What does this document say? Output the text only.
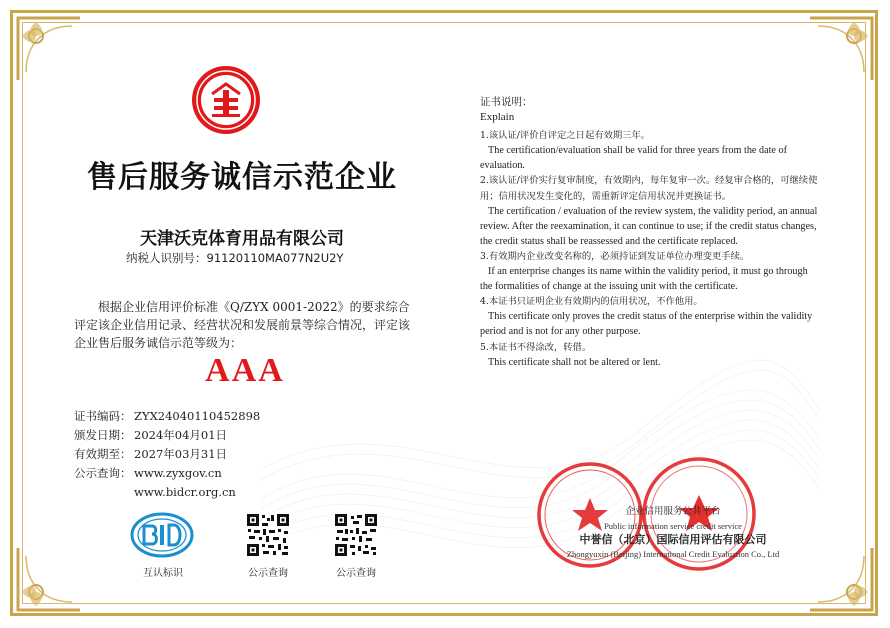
售后服务诚信示范企业
天津沃克体育用品有限公司
纳税人识别号：91120110MA077N2U2Y
根据企业信用评价标准《Q/ZYX 0001-2022》的要求综合评定该企业信用记录、经营状况和发展前景等综合情况，评定该企业售后服务诚信示范等级为：
AAA
证书编码： ZYX24040110452898
颁发日期： 2024年04月01日
有效期至： 2027年03月31日
公示查询： www.zyxgov.cn
www.bidcr.org.cn
互认标识	公示查询	公示查询
证书说明：
Explain
1.该认证/评价自评定之日起有效期三年。
The certification/evaluation shall be valid for three years from the date of evaluation.
2.该认证/评价实行复审制度，有效期内，每年复审一次。经复审合格的，可继续使用；信用状况发生变化的，需重新评定信用状况并更换证书。
The certification / evaluation of the review system, the validity period, an annual review. After the reexamination, it can continue to use; if the credit status changes, the credit status shall be reassessed and the certificate replaced.
3.有效期内企业改变名称的，必须持证到发证单位办理变更手续。
If an enterprise changes its name within the validity period, it must go through the formalities of change at the issuing unit with the certificate.
4.本证书只证明企业有效期内的信用状况，不作他用。
This certificate only proves the credit status of the enterprise within the validity period and is not for any other purpose.
5.本证书不得涂改，转借。
This certificate shall not be altered or lent.
企业信用服务公共平台
Public information service credit service
中誉信（北京）国际信用评估有限公司
Zhongyuxin (Beijing) International Credit Evaluation Co., Ltd
